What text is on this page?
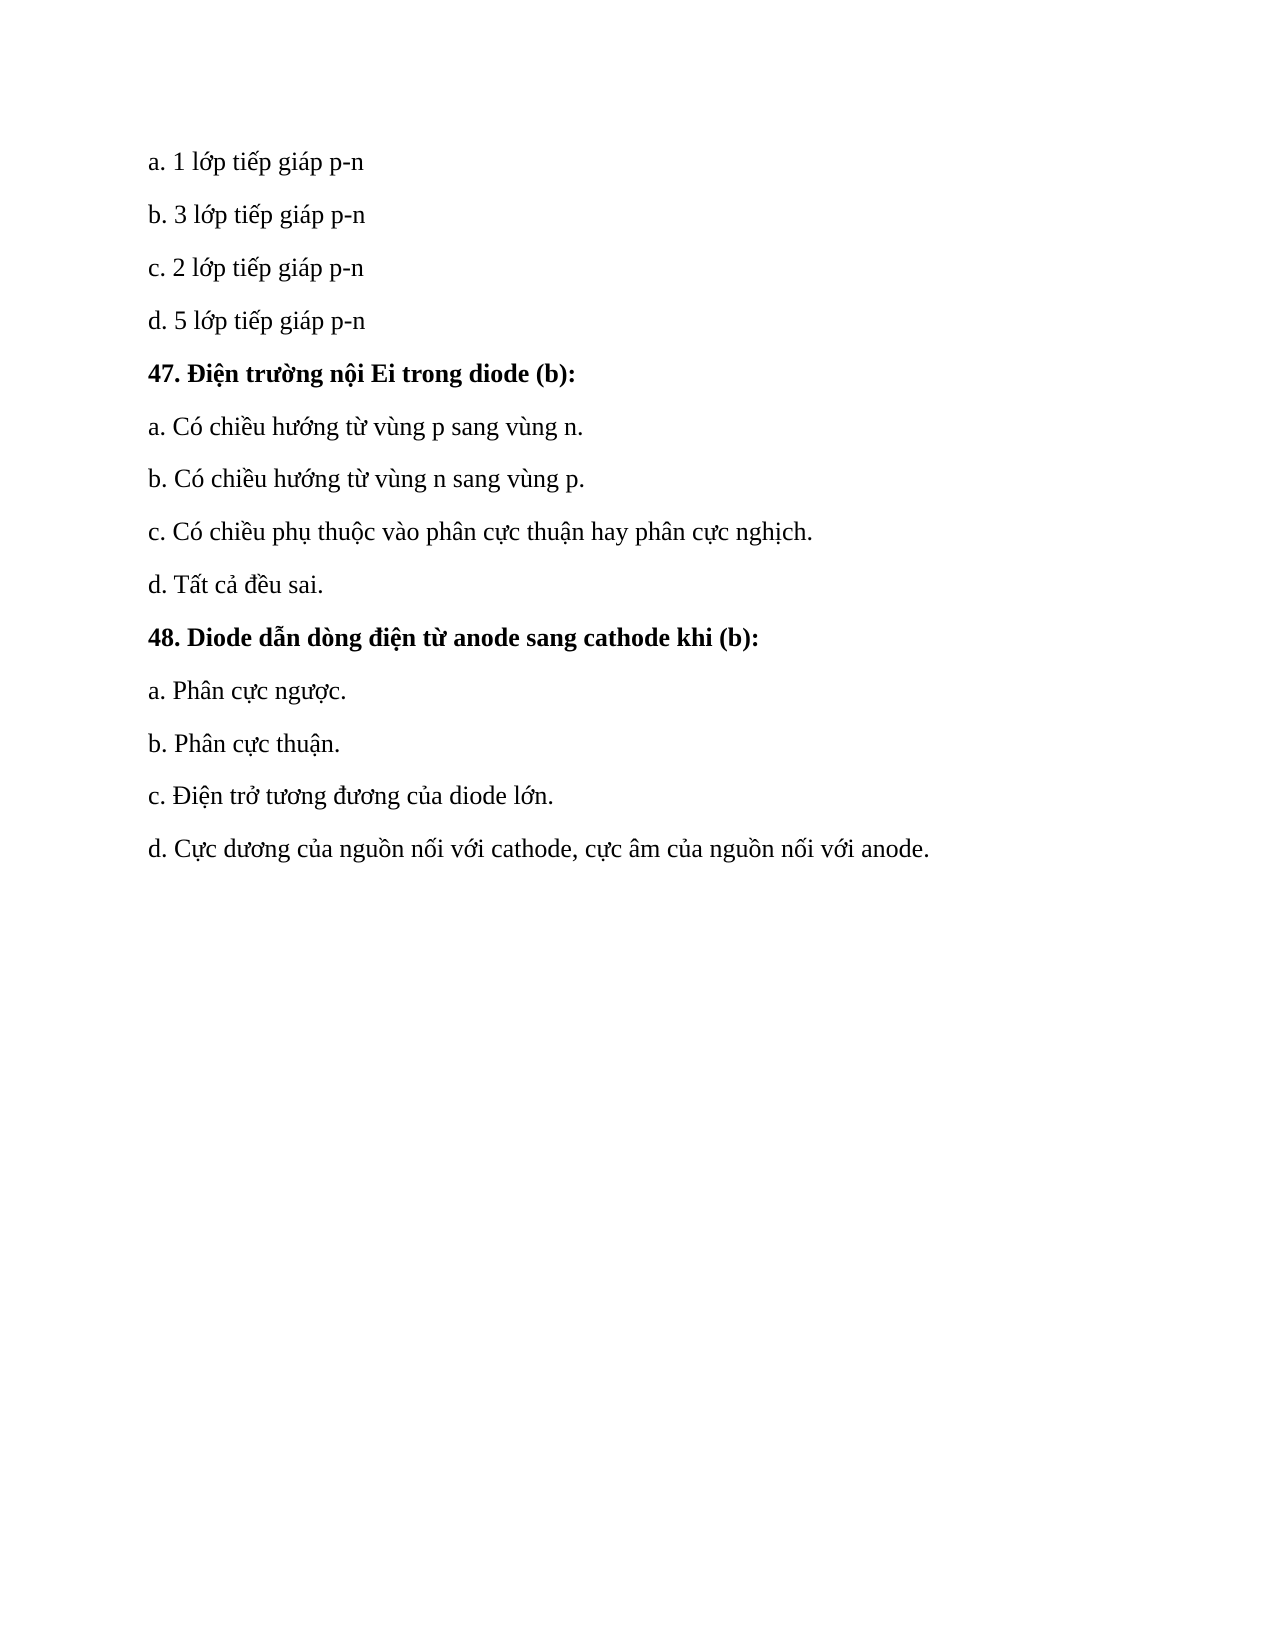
a. 1 lớp tiếp giáp p-n
b. 3 lớp tiếp giáp p-n
c. 2 lớp tiếp giáp p-n
d. 5 lớp tiếp giáp p-n
47. Điện trường nội Ei trong diode (b):
a. Có chiều hướng từ vùng p sang vùng n.
b. Có chiều hướng từ vùng n sang vùng p.
c. Có chiều phụ thuộc vào phân cực thuận hay phân cực nghịch.
d. Tất cả đều sai.
48. Diode dẫn dòng điện từ anode sang cathode khi (b):
a. Phân cực ngược.
b. Phân cực thuận.
c. Điện trở tương đương của diode lớn.
d. Cực dương của nguồn nối với cathode, cực âm của nguồn nối với anode.
